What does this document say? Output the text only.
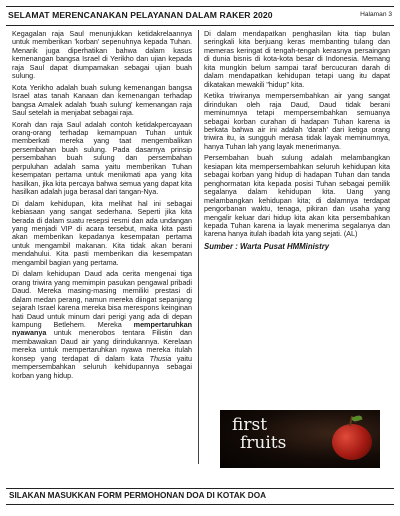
SELAMAT MERENCANAKAN PELAYANAN DALAM RAKER 2020	Halaman 3

Kegagalan raja Saul menunjukkan ketidakrelaannya untuk memberikan 'korban' sepenuhnya kepada Tuhan. Menarik juga diperhatikan bahwa dalam kasus kemenangan bangsa Israel di Yerikho dan ujian kepada raja Saul dapat diumpamakan sebagai ujian buah sulung.

Kota Yerikho adalah buah sulung kemenangan bangsa Israel atas tanah Kanaan dan kemenangan terhadap bangsa Amalek adalah 'buah sulung' kemenangan raja Saul setelah ia menjabat sebagai raja.

Korah dan raja Saul adalah contoh ketidakpercayaan orang-orang terhadap kemampuan Tuhan untuk memberkati mereka yang taat mengembalikan persembahan buah sulung. Pada dasarnya prinsip persembahan buah sulung dan persembahan perpuluhan adalah sama yaitu memberikan Tuhan kesempatan pertama untuk menikmati apa yang kita hasilkan, jika kita percaya bahwa semua yang dapat kita hasilkan adalah juga berasal dari tangan-Nya.

Di dalam kehidupan, kita melihat hal ini sebagai kebiasaan yang sangat sederhana. Seperti jika kita berada di dalam suatu resepsi resmi dan ada undangan yang menjadi VIP di acara tersebut, maka kita pasti akan memberikan kepadanya kesempatan pertama untuk mengambil makanan. Kita tidak akan berani mendahului. Kita pasti memberikan dia kesempatan mengambil bagian yang pertama.

Di dalam kehidupan Daud ada cerita mengenai tiga orang triwira yang memimpin pasukan pengawal pribadi Daud. Mereka masing-masing memiliki prestasi di dalam medan perang, namun mereka diingat sepanjang sejarah Israel karena mereka bisa merespons keinginan hati Daud untuk minum dari perigi yang ada di depan kampung Betlehem. Mereka mempertaruhkan nyawanya untuk menerobos tentara Filistin dan membawakan Daud air yang dirindukannya. Kerelaan mereka untuk mempertaruhkan nyawa mereka itulah konsep yang terdapat di dalam kata Thusia yaitu mempersembahkan seluruh kehidupannya sebagai korban yang hidup.

Di dalam mendapatkan penghasilan kita tiap bulan seringkali kita berjuang keras membanting tulang dan memeras keringat di tengah-tengah kerasnya persaingan di dunia bisnis di kota-kota besar di Indonesia. Memang kita mungkin belum sampai taraf bercucuran darah di dalam mendapatkan kehidupan tetapi uang itu dapat dikatakan mewakili "hidup" kita.

Ketika triwiranya mempersembahkan air yang sangat dirindukan oleh raja Daud, Daud tidak berani meminumnya tetapi mempersembahkan semuanya sebagai korban curahan di hadapan Tuhan karena ia berkata bahwa air ini adalah 'darah' dari ketiga orang triwira itu, ia sungguh merasa tidak layak meminumnya, hanya Tuhan lah yang layak menerimanya.

Persembahan buah sulung adalah melambangkan kesiapan kita mempersembahkan seluruh kehidupan kita sebagai korban yang hidup di hadapan Tuhan dan tanda penghormatan kita kepada posisi Tuhan sebagai pemilik segalanya dalam kehidupan kita. Uang yang melambangkan kehidupan kita; di dalamnya terdapat pengorbanan waktu, tenaga, pikiran dan usaha yang mengalir keluar dari hidup kita akan kita persembahkan kepada Tuhan karena ia layak menerima segalanya dan karena hanya itulah ibadah kita yang sejati. (AL)

Sumber : Warta Pusat HMMinistry
first
fruits
SILAKAN MASUKKAN FORM PERMOHONAN DOA DI KOTAK DOA
